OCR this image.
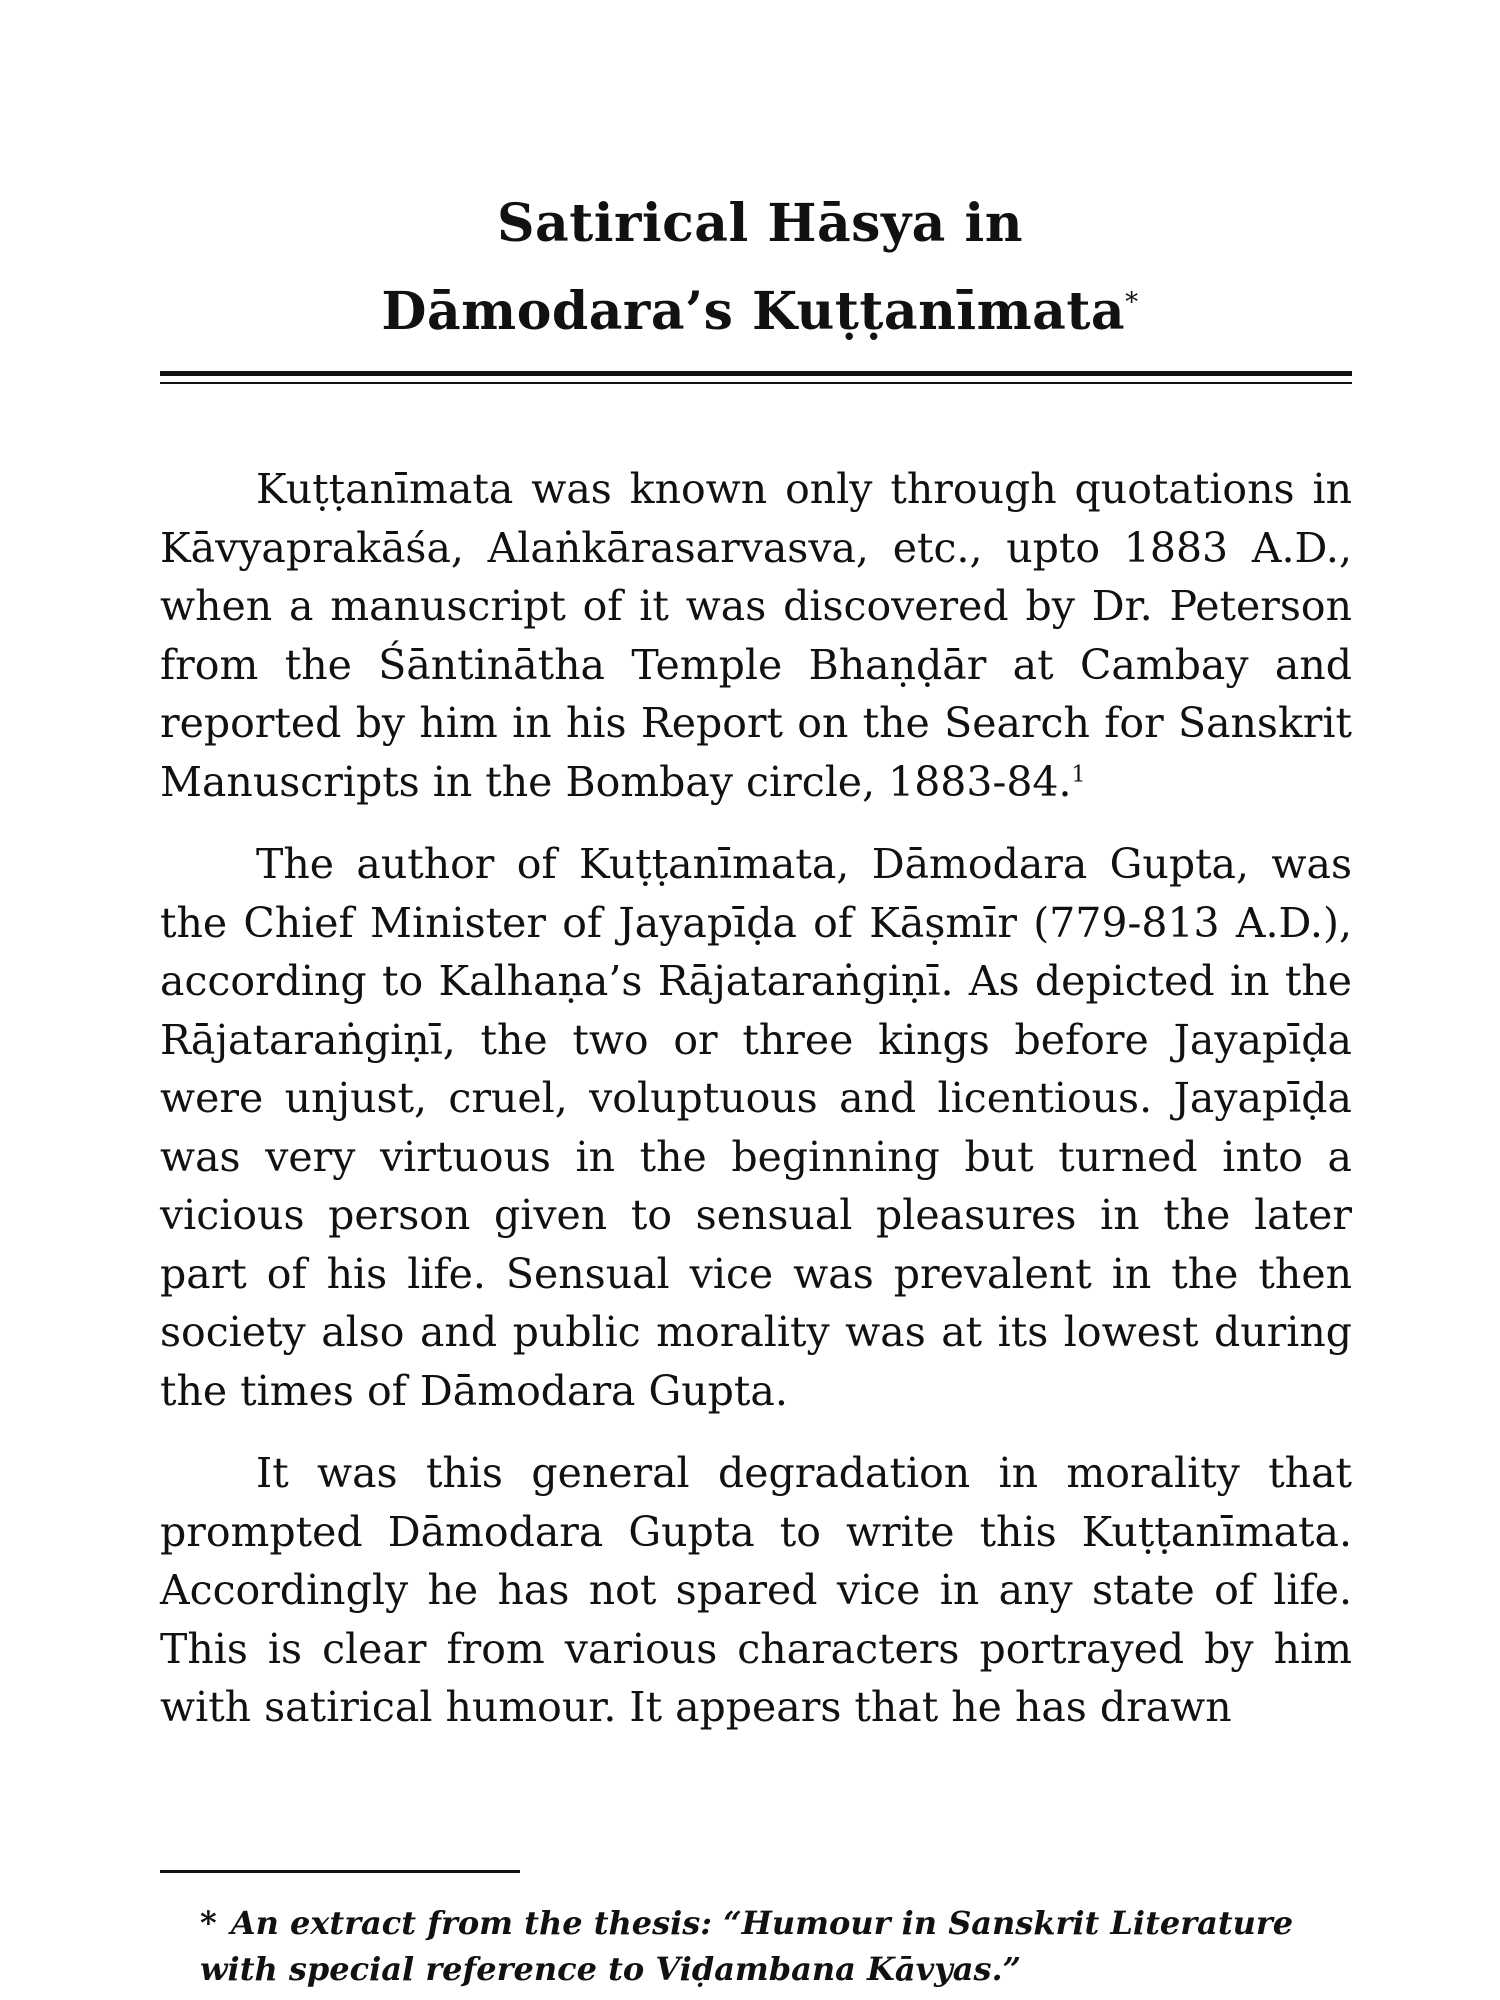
Satirical Hāsya in
Dāmodara’s Kuṭṭanīmata*

Kuṭṭanīmata was known only through quotations in Kāvyaprakāśa, Alaṅkārasarvasva, etc., upto 1883 A.D., when a manuscript of it was discovered by Dr. Peterson from the Śāntinātha Temple Bhaṇḍār at Cambay and reported by him in his Report on the Search for Sanskrit Manuscripts in the Bombay circle, 1883-84.$^1$

The author of Kuṭṭanīmata, Dāmodara Gupta, was the Chief Minister of Jayapīḍa of Kāṣmīr (779-813 A.D.), according to Kalhaṇa’s Rājataraṅgiṇī. As depicted in the Rājataraṅgiṇī, the two or three kings before Jayapīḍa were unjust, cruel, voluptuous and licentious. Jayapīḍa was very virtuous in the beginning but turned into a vicious person given to sensual pleasures in the later part of his life. Sensual vice was prevalent in the then society also and public morality was at its lowest during the times of Dāmodara Gupta.

It was this general degradation in morality that prompted Dāmodara Gupta to write this Kuṭṭanīmata. Accordingly he has not spared vice in any state of life. This is clear from various characters portrayed by him with satirical humour. It appears that he has drawn

* An extract from the thesis: “Humour in Sanskrit Literature with special reference to Viḍambana Kāvyas.”
